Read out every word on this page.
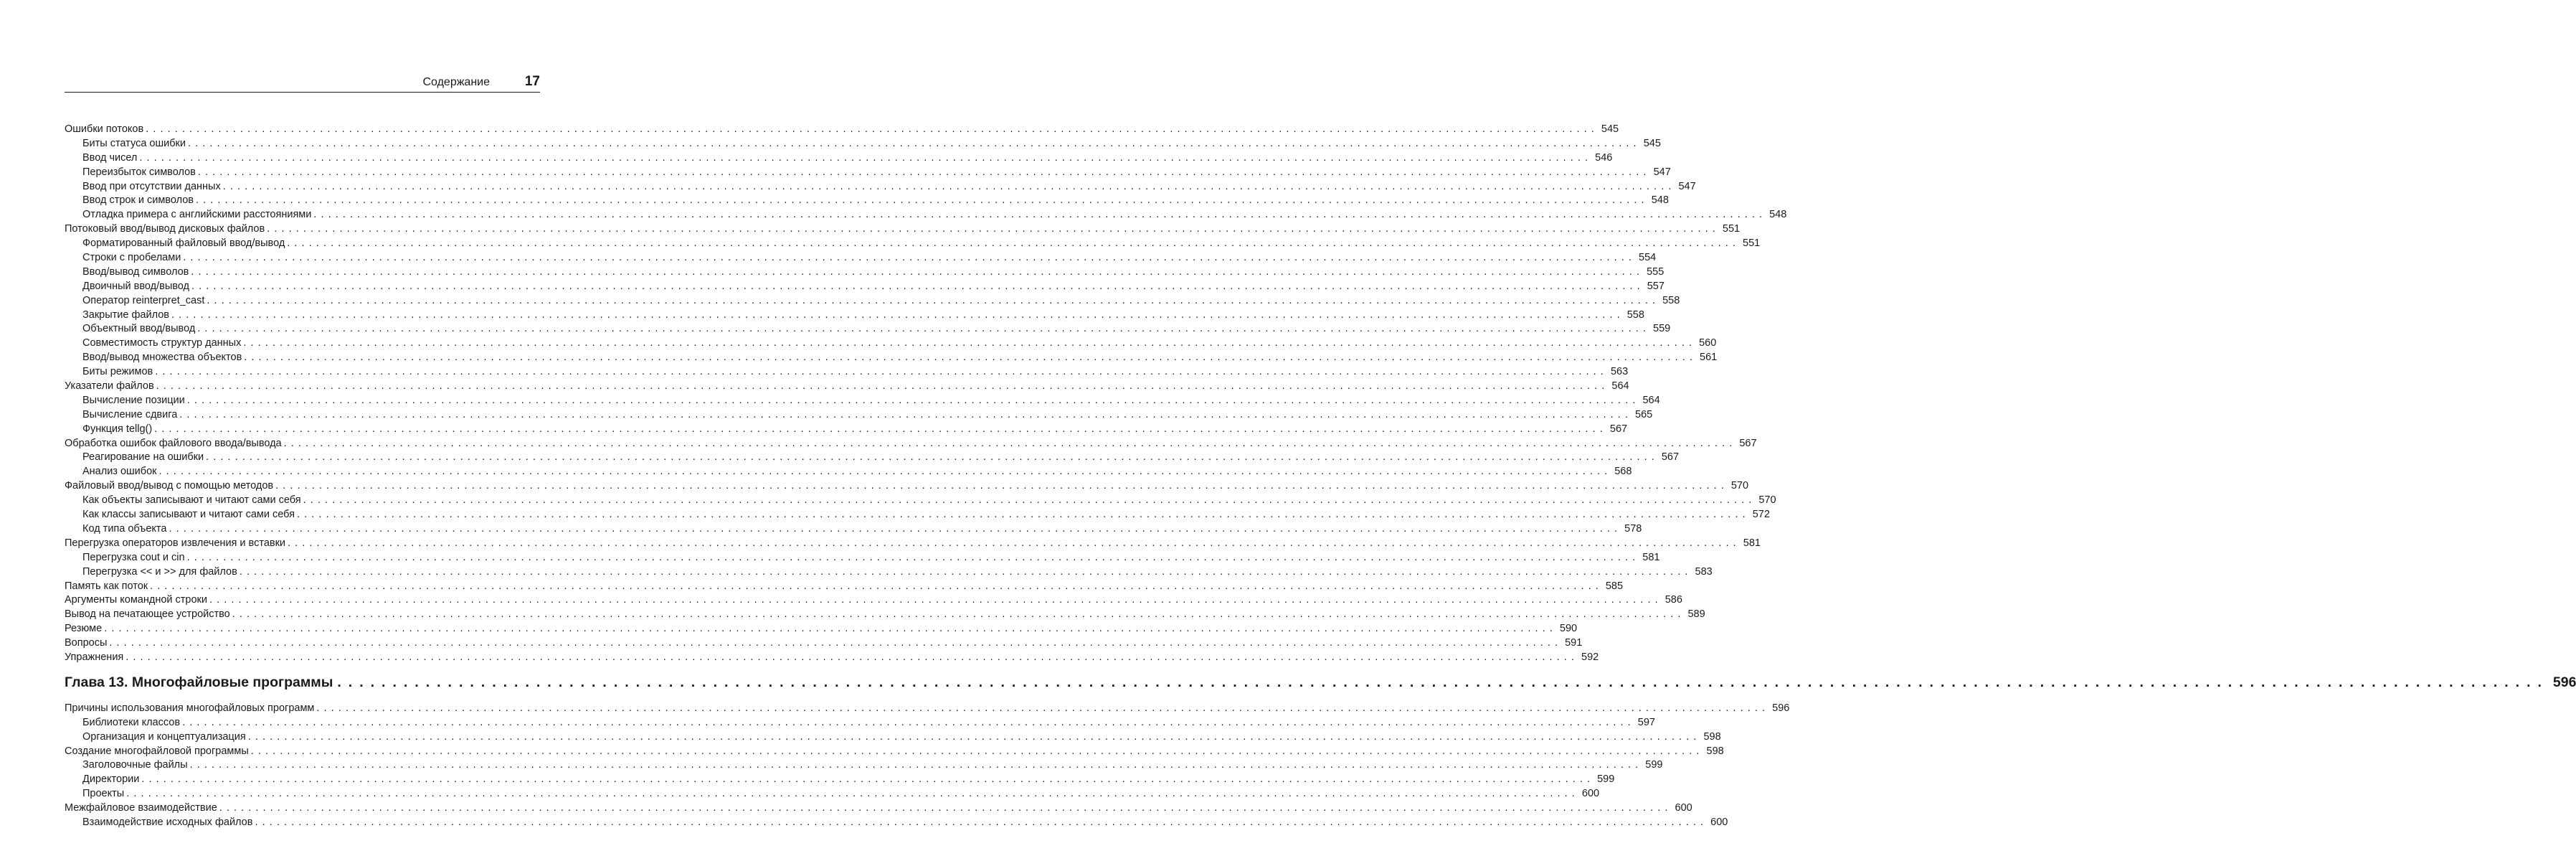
Содержание	17
Ошибки потоков ........................................................................................................................................................................................................ 545
Биты статуса ошибки ........................................................................................................................................................................................................ 545
Ввод чисел ........................................................................................................................................................................................................ 546
Переизбыток символов ........................................................................................................................................................................................................ 547
Ввод при отсутствии данных ........................................................................................................................................................................................................ 547
Ввод строк и символов ........................................................................................................................................................................................................ 548
Отладка примера с английскими расстояниями ........................................................................................................................................................................................................ 548
Потоковый ввод/вывод дисковых файлов ........................................................................................................................................................................................................ 551
Форматированный файловый ввод/вывод ........................................................................................................................................................................................................ 551
Строки с пробелами ........................................................................................................................................................................................................ 554
Ввод/вывод символов ........................................................................................................................................................................................................ 555
Двоичный ввод/вывод ........................................................................................................................................................................................................ 557
Оператор reinterpret_cast ........................................................................................................................................................................................................ 558
Закрытие файлов ........................................................................................................................................................................................................ 558
Объектный ввод/вывод ........................................................................................................................................................................................................ 559
Совместимость структур данных ........................................................................................................................................................................................................ 560
Ввод/вывод множества объектов ........................................................................................................................................................................................................ 561
Биты режимов ........................................................................................................................................................................................................ 563
Указатели файлов ........................................................................................................................................................................................................ 564
Вычисление позиции ........................................................................................................................................................................................................ 564
Вычисление сдвига ........................................................................................................................................................................................................ 565
Функция tellg() ........................................................................................................................................................................................................ 567
Обработка ошибок файлового ввода/вывода ........................................................................................................................................................................................................ 567
Реагирование на ошибки ........................................................................................................................................................................................................ 567
Анализ ошибок ........................................................................................................................................................................................................ 568
Файловый ввод/вывод с помощью методов ........................................................................................................................................................................................................ 570
Как объекты записывают и читают сами себя ........................................................................................................................................................................................................ 570
Как классы записывают и читают сами себя ........................................................................................................................................................................................................ 572
Код типа объекта ........................................................................................................................................................................................................ 578
Перегрузка операторов извлечения и вставки ........................................................................................................................................................................................................ 581
Перегрузка cout и cin ........................................................................................................................................................................................................ 581
Перегрузка << и >> для файлов ........................................................................................................................................................................................................ 583
Память как поток ........................................................................................................................................................................................................ 585
Аргументы командной строки ........................................................................................................................................................................................................ 586
Вывод на печатающее устройство ........................................................................................................................................................................................................ 589
Резюме ........................................................................................................................................................................................................ 590
Вопросы ........................................................................................................................................................................................................ 591
Упражнения ........................................................................................................................................................................................................ 592
Глава 13. Многофайловые программы ........................................................................................................................................................................................................ 596
Причины использования многофайловых программ ........................................................................................................................................................................................................ 596
Библиотеки классов ........................................................................................................................................................................................................ 597
Организация и концептуализация ........................................................................................................................................................................................................ 598
Создание многофайловой программы ........................................................................................................................................................................................................ 598
Заголовочные файлы ........................................................................................................................................................................................................ 599
Директории ........................................................................................................................................................................................................ 599
Проекты ........................................................................................................................................................................................................ 600
Межфайловое взаимодействие ........................................................................................................................................................................................................ 600
Взаимодействие исходных файлов ........................................................................................................................................................................................................ 600
